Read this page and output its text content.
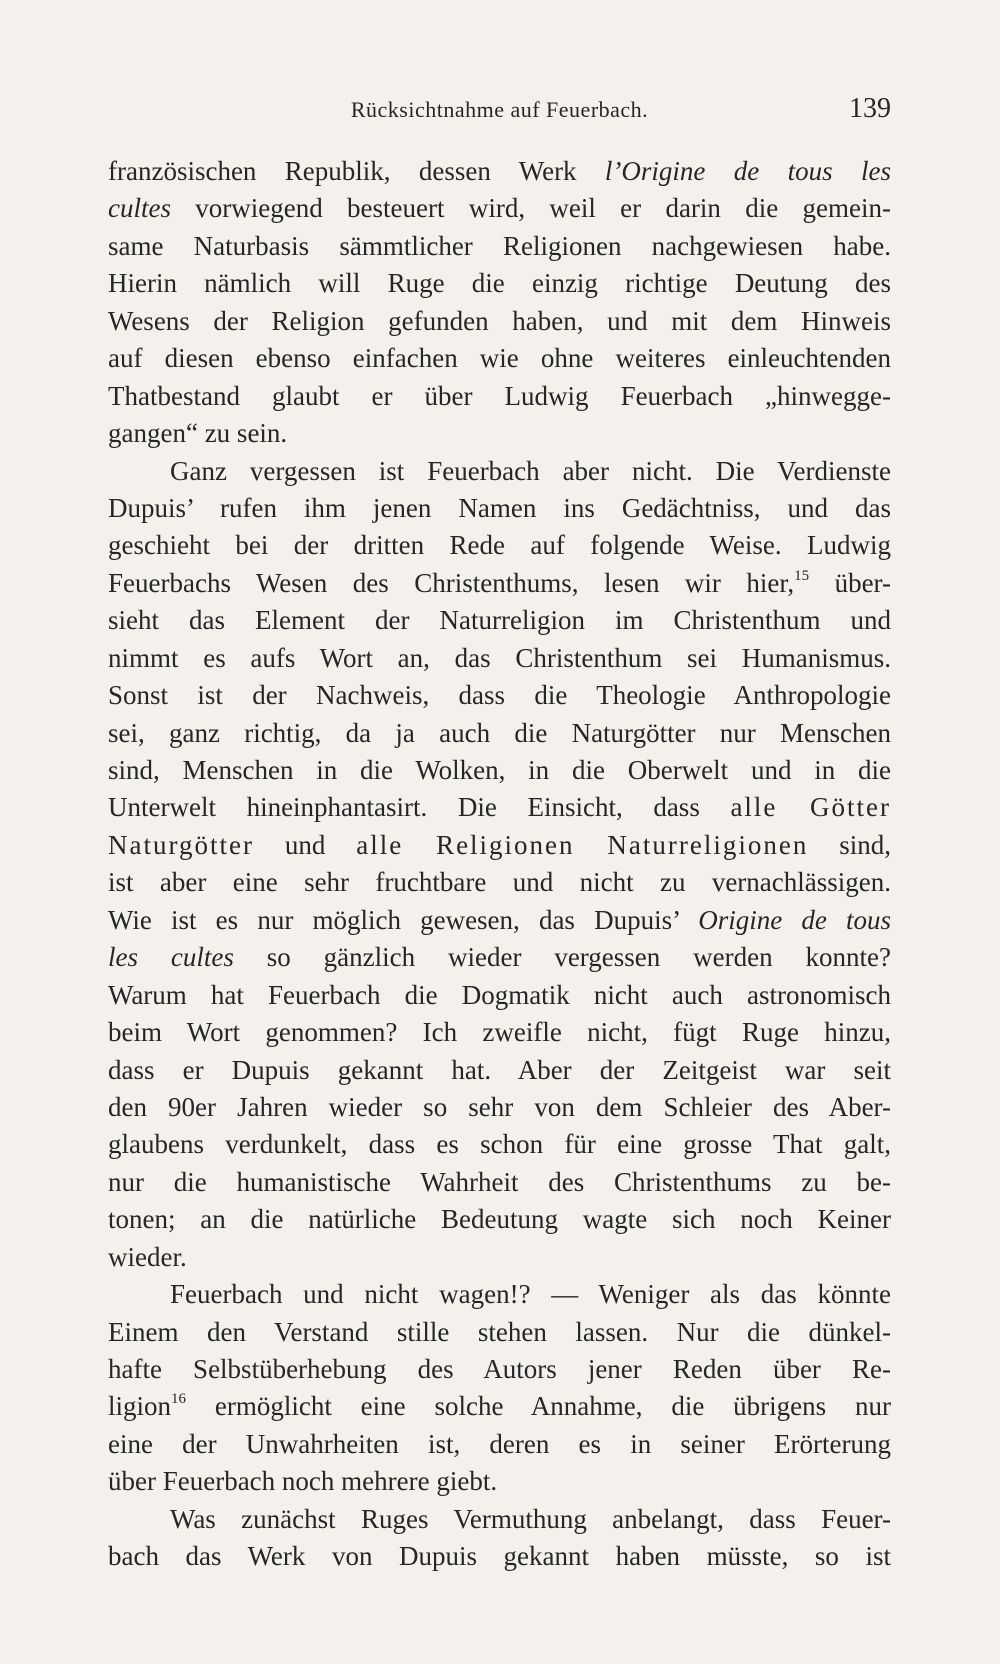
Rücksichtnahme auf Feuerbach.	139
französischen Republik, dessen Werk l’Origine de tous les
cultes vorwiegend besteuert wird, weil er darin die gemein-
same Naturbasis sämmtlicher Religionen nachgewiesen habe.
Hierin nämlich will Ruge die einzig richtige Deutung des
Wesens der Religion gefunden haben, und mit dem Hinweis
auf diesen ebenso einfachen wie ohne weiteres einleuchtenden
Thatbestand glaubt er über Ludwig Feuerbach „hinwegge-
gangen“ zu sein.
Ganz vergessen ist Feuerbach aber nicht. Die Verdienste
Dupuis’ rufen ihm jenen Namen ins Gedächtniss, und das
geschieht bei der dritten Rede auf folgende Weise. Ludwig
Feuerbachs Wesen des Christenthums, lesen wir hier,$^{15}$ über-
sieht das Element der Naturreligion im Christenthum und
nimmt es aufs Wort an, das Christenthum sei Humanismus.
Sonst ist der Nachweis, dass die Theologie Anthropologie
sei, ganz richtig, da ja auch die Naturgötter nur Menschen
sind, Menschen in die Wolken, in die Oberwelt und in die
Unterwelt hineinphantasirt. Die Einsicht, dass alle Götter
Naturgötter und alle Religionen Naturreligionen sind,
ist aber eine sehr fruchtbare und nicht zu vernachlässigen.
Wie ist es nur möglich gewesen, das Dupuis’ Origine de tous
les cultes so gänzlich wieder vergessen werden konnte?
Warum hat Feuerbach die Dogmatik nicht auch astronomisch
beim Wort genommen? Ich zweifle nicht, fügt Ruge hinzu,
dass er Dupuis gekannt hat. Aber der Zeitgeist war seit
den 90er Jahren wieder so sehr von dem Schleier des Aber-
glaubens verdunkelt, dass es schon für eine grosse That galt,
nur die humanistische Wahrheit des Christenthums zu be-
tonen; an die natürliche Bedeutung wagte sich noch Keiner
wieder.
Feuerbach und nicht wagen!? — Weniger als das könnte
Einem den Verstand stille stehen lassen. Nur die dünkel-
hafte Selbstüberhebung des Autors jener Reden über Re-
ligion$^{16}$ ermöglicht eine solche Annahme, die übrigens nur
eine der Unwahrheiten ist, deren es in seiner Erörterung
über Feuerbach noch mehrere giebt.
Was zunächst Ruges Vermuthung anbelangt, dass Feuer-
bach das Werk von Dupuis gekannt haben müsste, so ist
